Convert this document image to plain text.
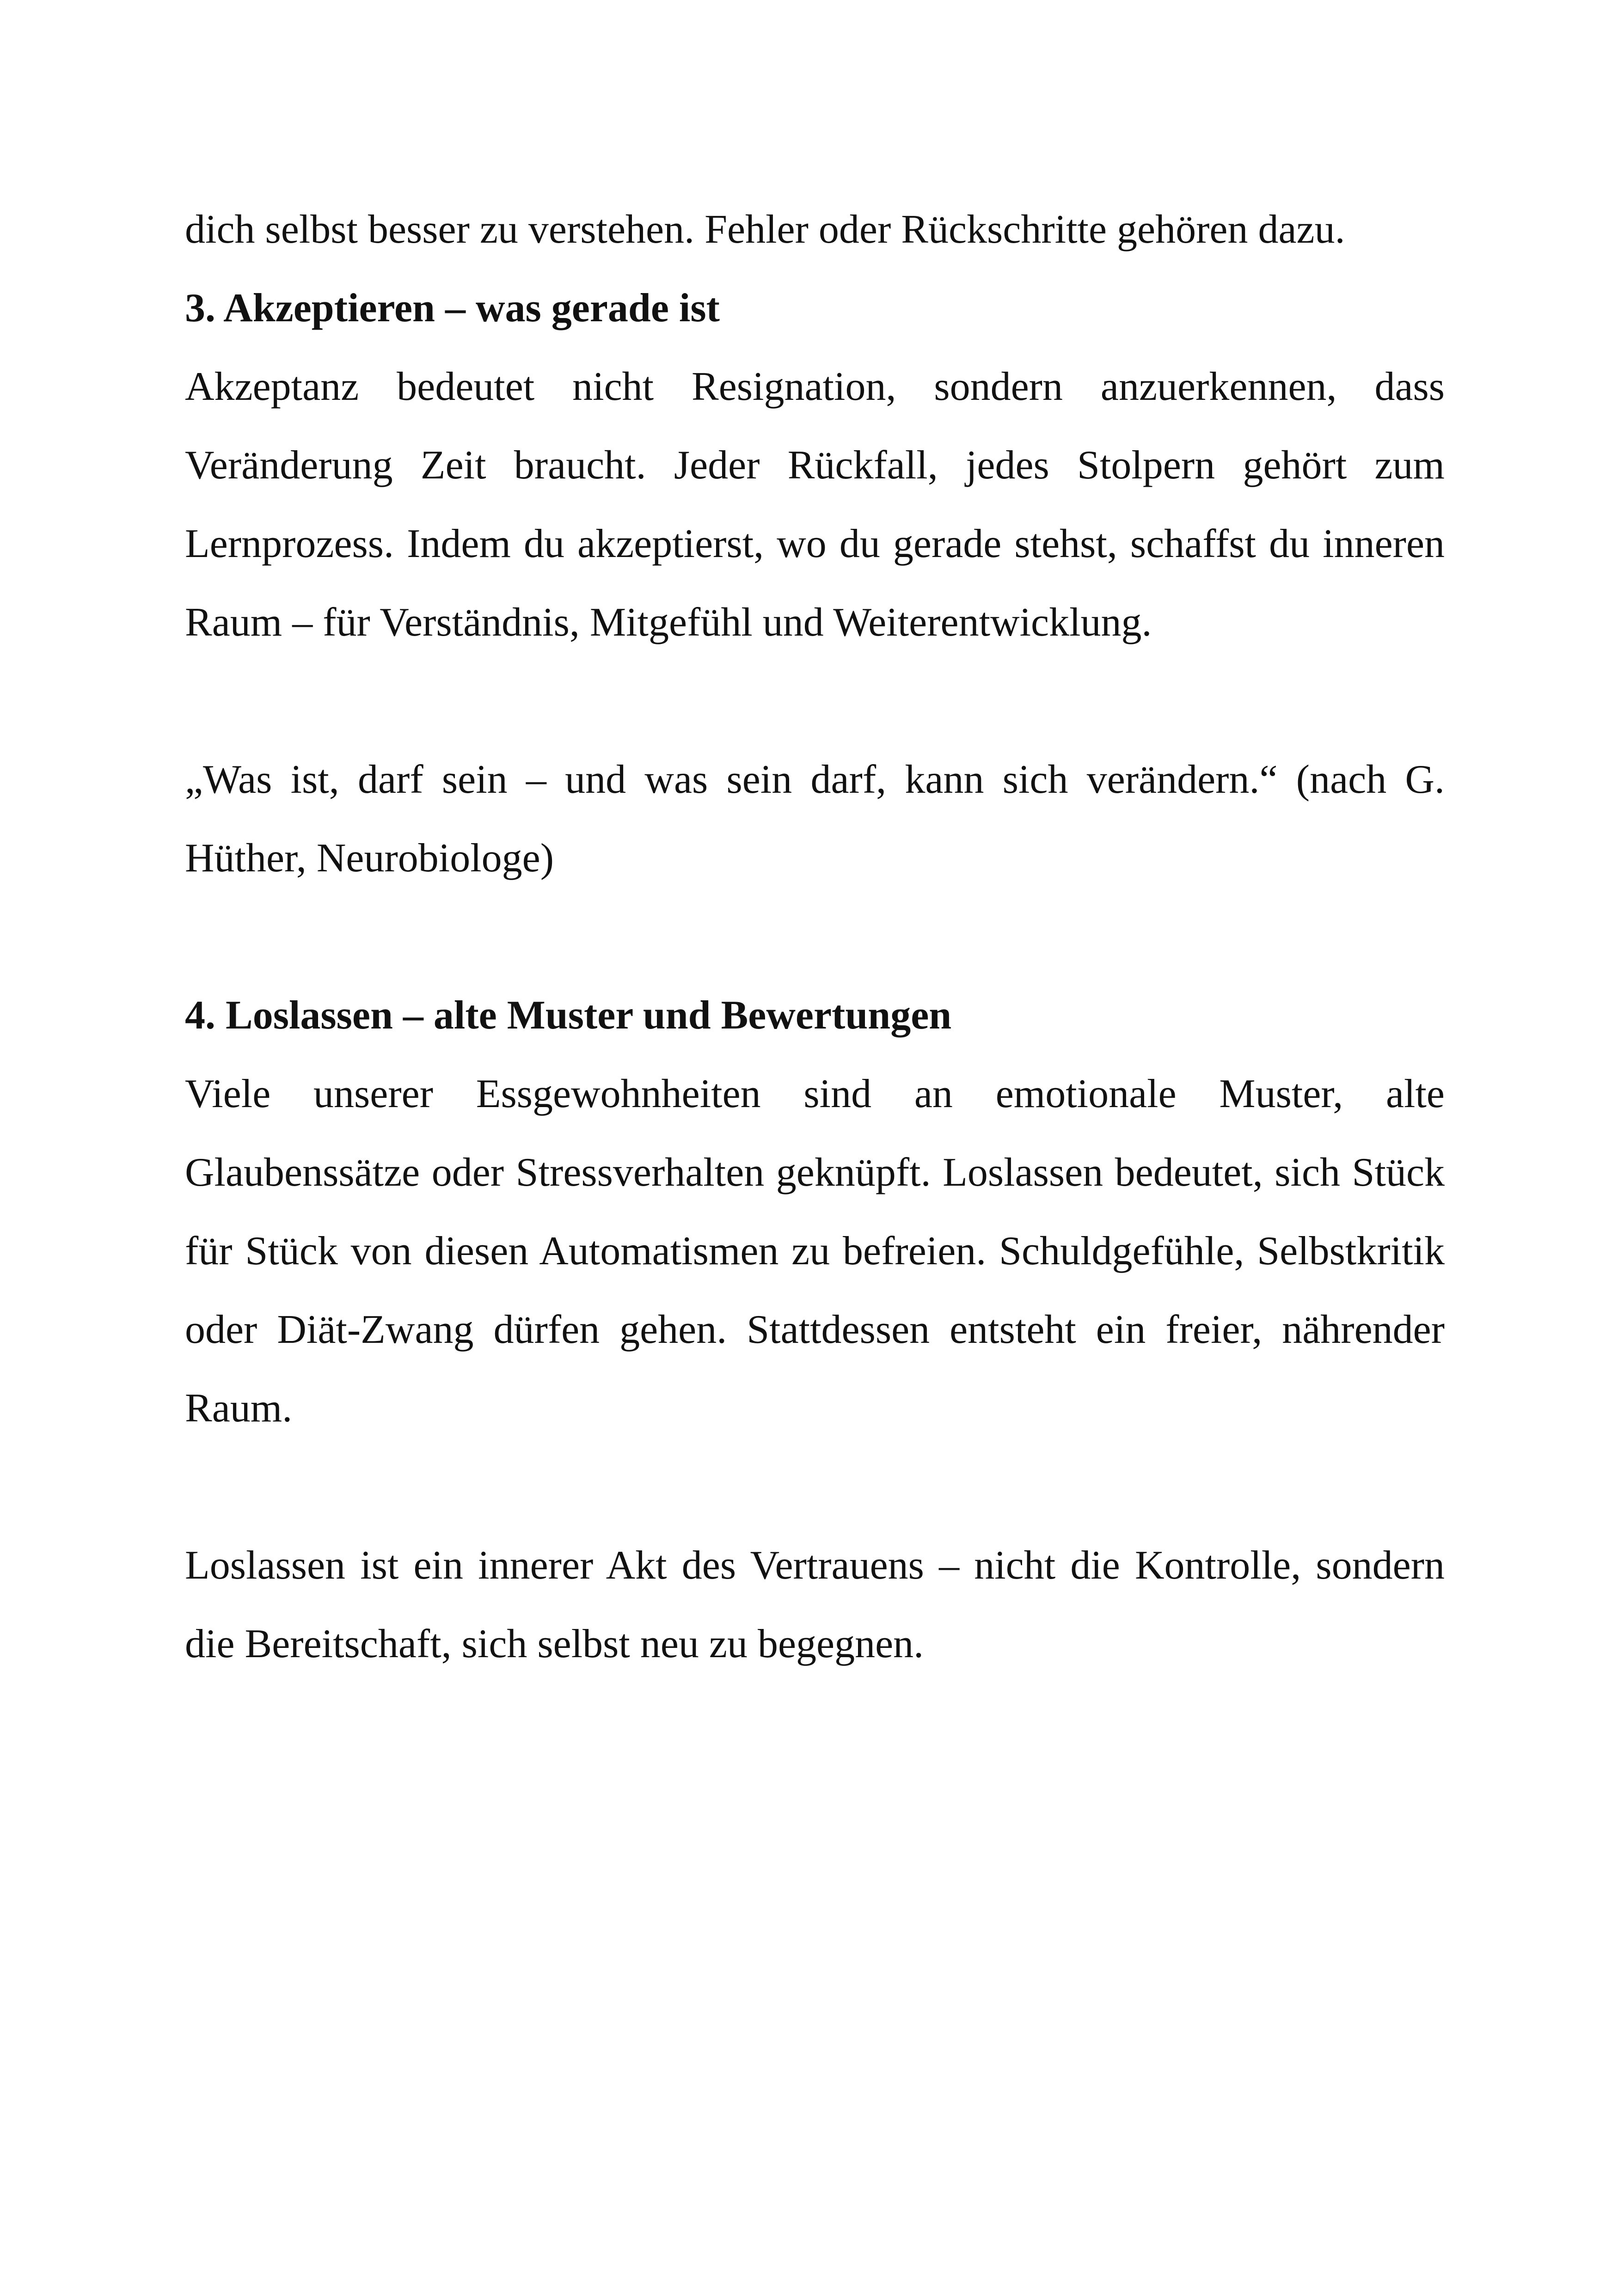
dich selbst besser zu verstehen. Fehler oder Rückschritte gehören dazu.

3. Akzeptieren – was gerade ist

Akzeptanz bedeutet nicht Resignation, sondern anzuerkennen, dass Veränderung Zeit braucht. Jeder Rückfall, jedes Stolpern gehört zum Lernprozess. Indem du akzeptierst, wo du gerade stehst, schaffst du inneren Raum – für Verständnis, Mitgefühl und Weiterentwicklung.

„Was ist, darf sein – und was sein darf, kann sich verändern.“ (nach G. Hüther, Neurobiologe)

4. Loslassen – alte Muster und Bewertungen

Viele unserer Essgewohnheiten sind an emotionale Muster, alte Glaubenssätze oder Stressverhalten geknüpft. Loslassen bedeutet, sich Stück für Stück von diesen Automatismen zu befreien. Schuldgefühle, Selbstkritik oder Diät-Zwang dürfen gehen. Stattdessen entsteht ein freier, nährender Raum.

Loslassen ist ein innerer Akt des Vertrauens – nicht die Kontrolle, sondern die Bereitschaft, sich selbst neu zu begegnen.
